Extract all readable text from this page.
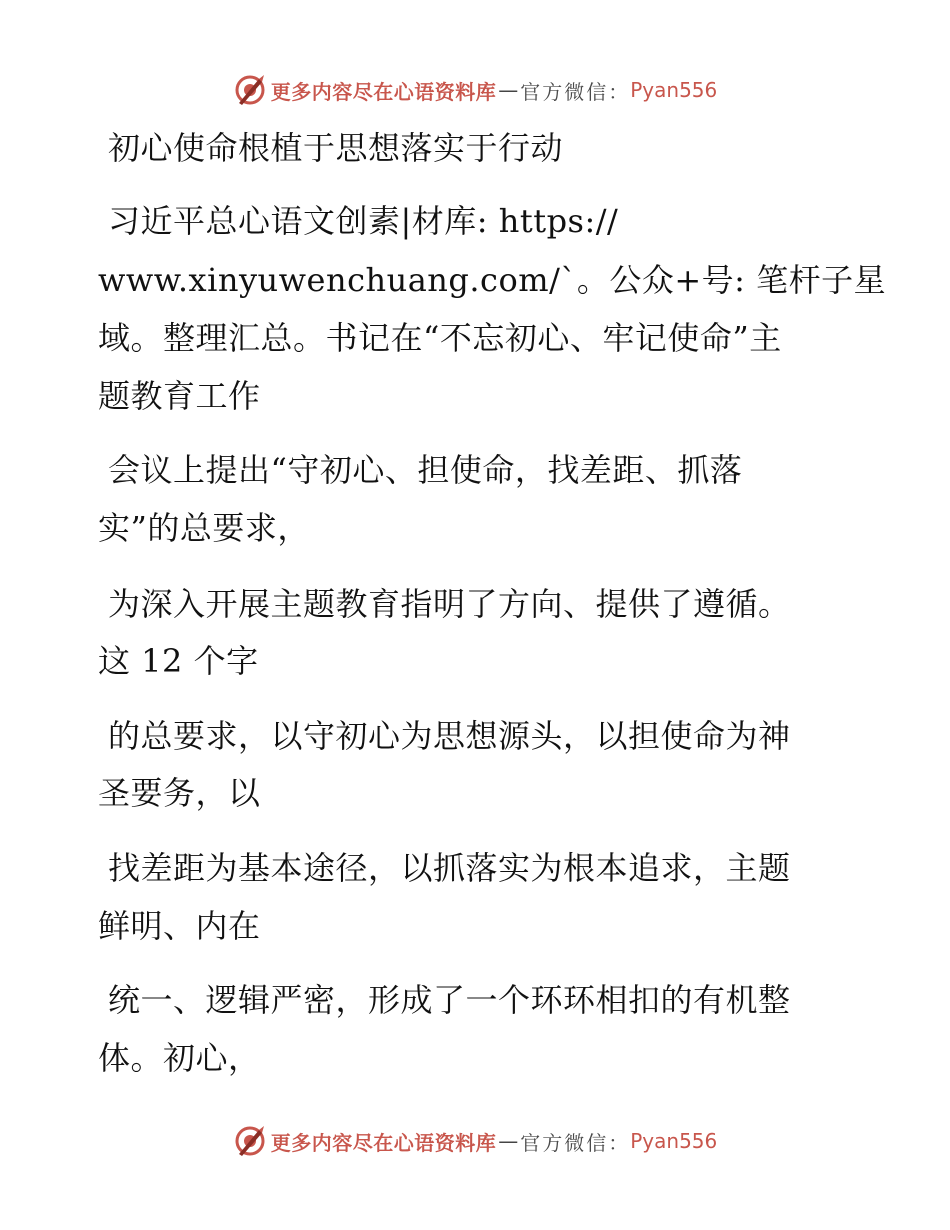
更多内容尽在心语资料库 — 官方微信： Pyan556
初心使命根植于思想落实于行动
习近平总心语文创素|材库: https://
www.xinyuwenchuang.com/`。公众+号: 笔杆子星
域。整理汇总。书记在“不忘初心、牢记使命”主
题教育工作
会议上提出“守初心、担使命，找差距、抓落
实”的总要求，
为深入开展主题教育指明了方向、提供了遵循。
这 12 个字
的总要求，以守初心为思想源头，以担使命为神
圣要务，以
找差距为基本途径，以抓落实为根本追求，主题
鲜明、内在
统一、逻辑严密，形成了一个环环相扣的有机整
体。初心，
更多内容尽在心语资料库 — 官方微信： Pyan556
